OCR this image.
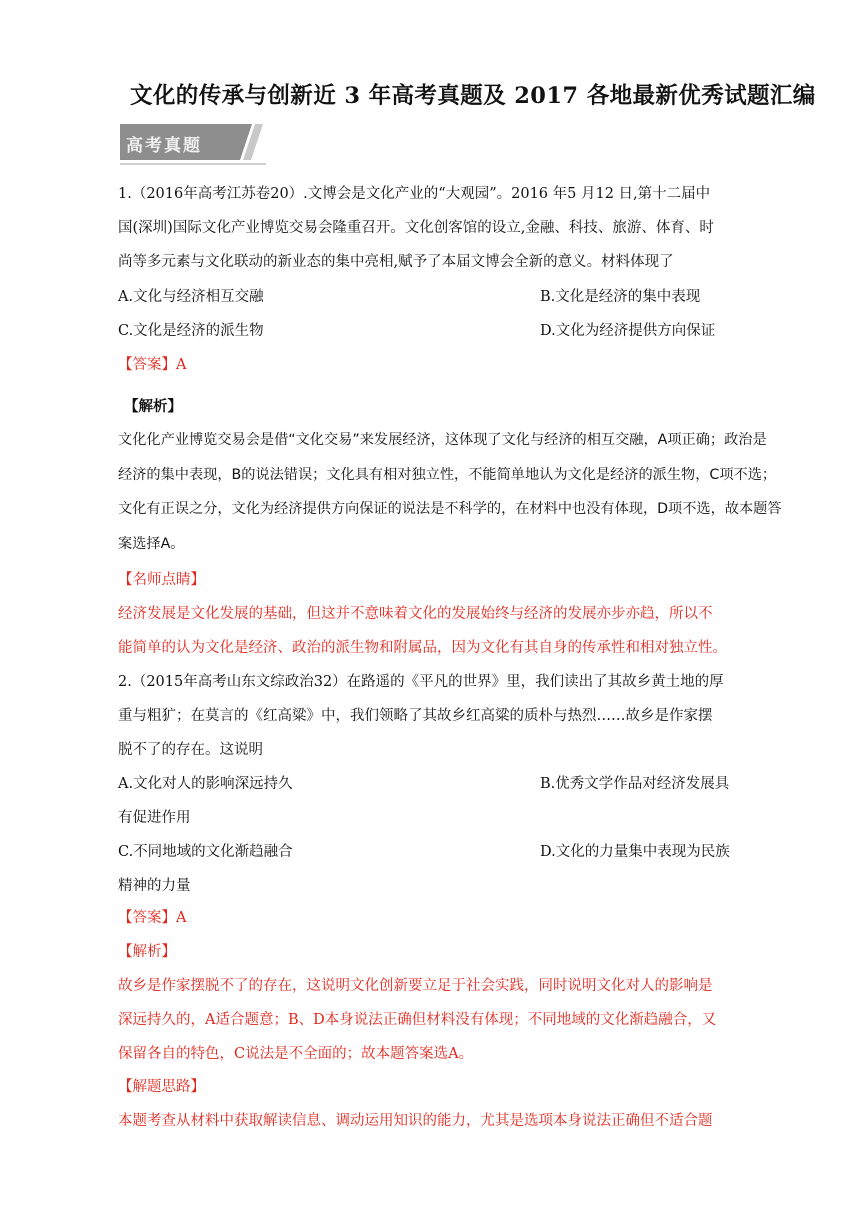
文化的传承与创新近 3 年高考真题及 2017 各地最新优秀试题汇编
高考真题
1.（2016年高考江苏卷20）.文博会是文化产业的“大观园”。2016 年5 月12 日,第十二届中
国(深圳)国际文化产业博览交易会隆重召开。文化创客馆的设立,金融、科技、旅游、体育、时
尚等多元素与文化联动的新业态的集中亮相,赋予了本届文博会全新的意义。材料体现了
A.文化与经济相互交融	B.文化是经济的集中表现
C.文化是经济的派生物	D.文化为经济提供方向保证
【答案】A
【解析】
文化化产业博览交易会是借“文化交易”来发展经济，这体现了文化与经济的相互交融，A项正确；政治是
经济的集中表现，B的说法错误；文化具有相对独立性，不能简单地认为文化是经济的派生物，C项不选；
文化有正误之分，文化为经济提供方向保证的说法是不科学的，在材料中也没有体现，D项不选，故本题答
案选择A。
【名师点睛】
经济发展是文化发展的基础，但这并不意味着文化的发展始终与经济的发展亦步亦趋，所以不
能简单的认为文化是经济、政治的派生物和附属品，因为文化有其自身的传承性和相对独立性。
2.（2015年高考山东文综政治32）在路遥的《平凡的世界》里，我们读出了其故乡黄土地的厚
重与粗犷；在莫言的《红高粱》中，我们领略了其故乡红高粱的质朴与热烈……故乡是作家摆
脱不了的存在。这说明
A.文化对人的影响深远持久	B.优秀文学作品对经济发展具
有促进作用
C.不同地域的文化渐趋融合	D.文化的力量集中表现为民族
精神的力量
【答案】A
【解析】
故乡是作家摆脱不了的存在，这说明文化创新要立足于社会实践，同时说明文化对人的影响是
深远持久的，A适合题意；B、D本身说法正确但材料没有体现；不同地域的文化渐趋融合，又
保留各自的特色，C说法是不全面的；故本题答案选A。
【解题思路】
本题考查从材料中获取解读信息、调动运用知识的能力，尤其是选项本身说法正确但不适合题
